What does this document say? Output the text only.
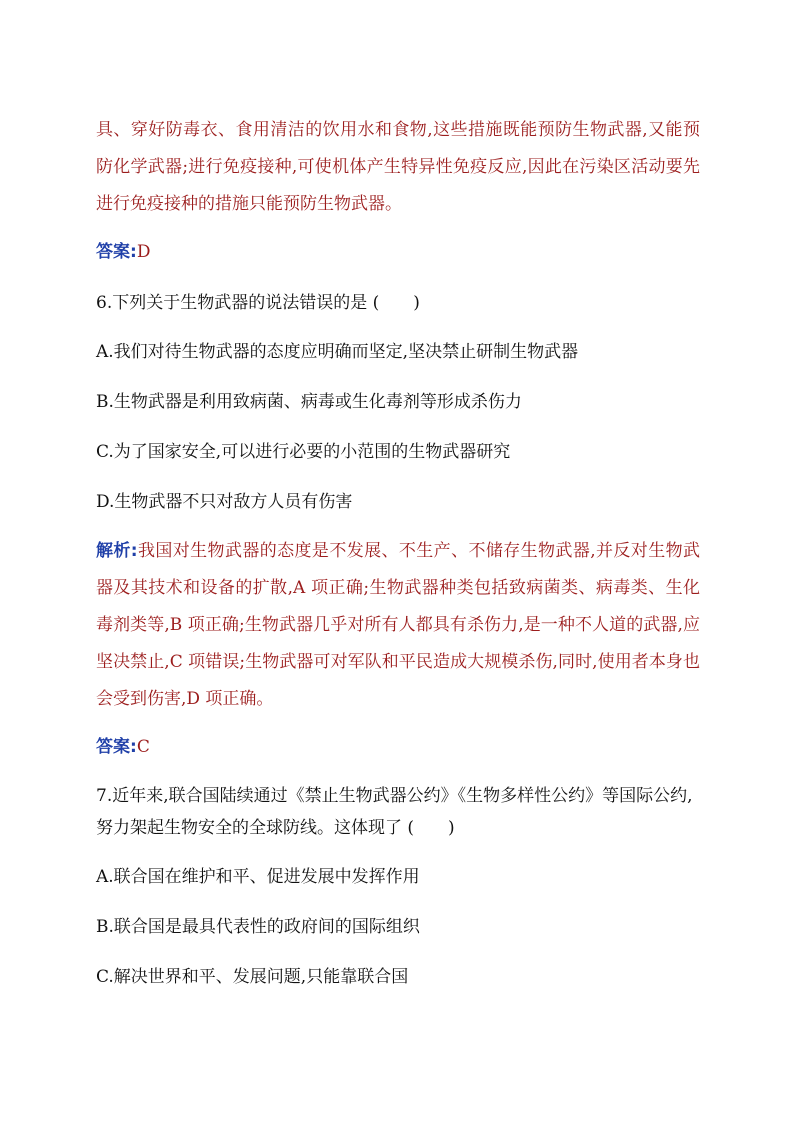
具、穿好防毒衣、食用清洁的饮用水和食物,这些措施既能预防生物武器,又能预防化学武器;进行免疫接种,可使机体产生特异性免疫反应,因此在污染区活动要先进行免疫接种的措施只能预防生物武器。

答案:D

6.下列关于生物武器的说法错误的是 (　　)

A.我们对待生物武器的态度应明确而坚定,坚决禁止研制生物武器

B.生物武器是利用致病菌、病毒或生化毒剂等形成杀伤力

C.为了国家安全,可以进行必要的小范围的生物武器研究

D.生物武器不只对敌方人员有伤害

解析:我国对生物武器的态度是不发展、不生产、不储存生物武器,并反对生物武器及其技术和设备的扩散,A 项正确;生物武器种类包括致病菌类、病毒类、生化毒剂类等,B 项正确;生物武器几乎对所有人都具有杀伤力,是一种不人道的武器,应坚决禁止,C 项错误;生物武器可对军队和平民造成大规模杀伤,同时,使用者本身也会受到伤害,D 项正确。

答案:C

7.近年来,联合国陆续通过《禁止生物武器公约》《生物多样性公约》等国际公约,努力架起生物安全的全球防线。这体现了 (　　)

A.联合国在维护和平、促进发展中发挥作用

B.联合国是最具代表性的政府间的国际组织

C.解决世界和平、发展问题,只能靠联合国
